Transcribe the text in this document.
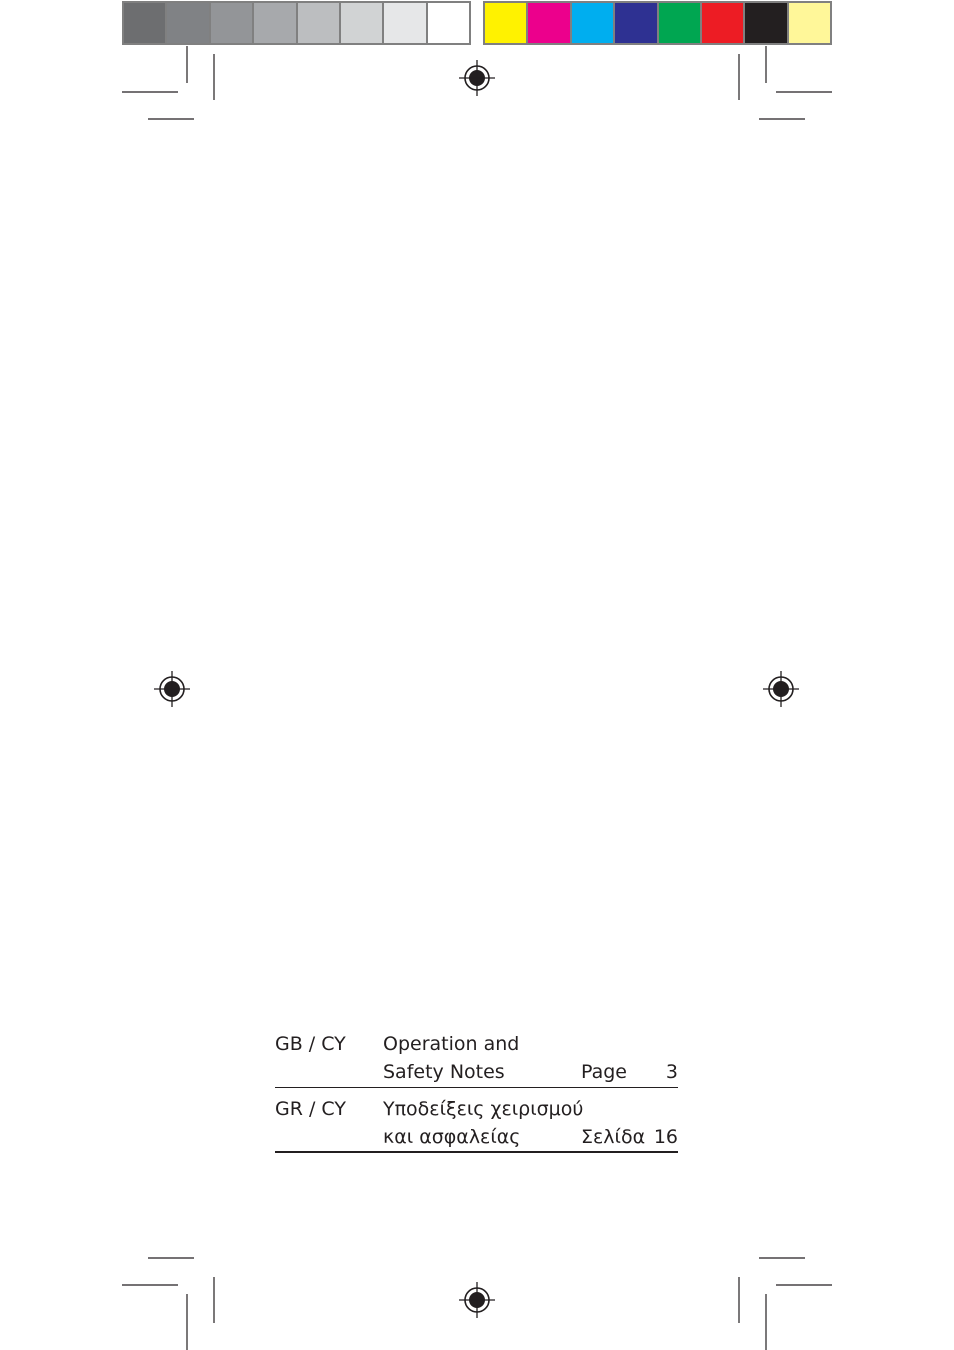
GB / CY Operation and
Safety Notes	Page 3
GR / CY Υποδείξεις χειρισμού
και ασφαλείας	Σελίδα 16
